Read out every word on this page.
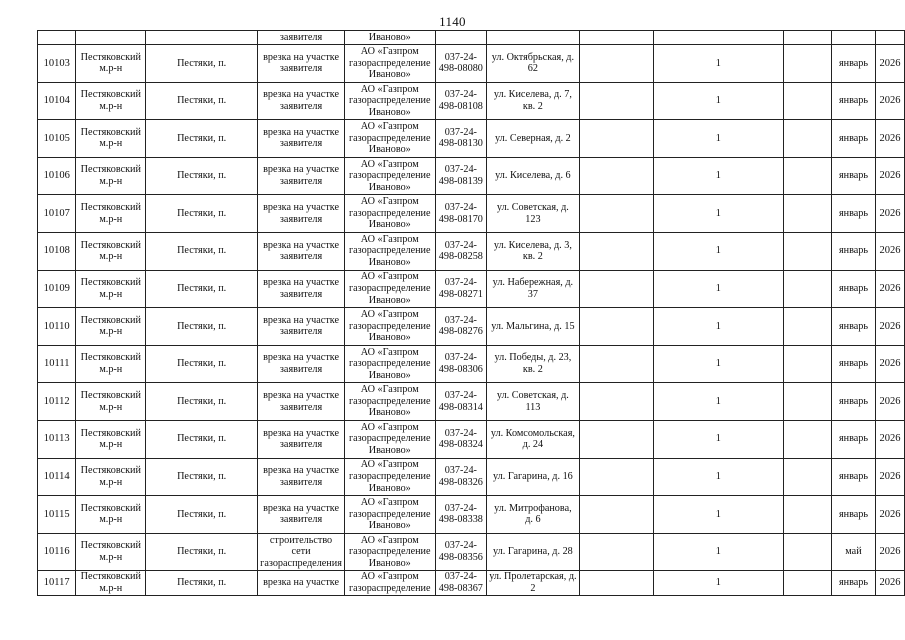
1140
			заявителя	Иваново»							
10103	Пестяковский м.р-н	Пестяки, п.	врезка на участке заявителя	АО «Газпром газораспределение Иваново»	037-24-498-08080	ул. Октябрьская, д. 62		1		январь	2026
10104	Пестяковский м.р-н	Пестяки, п.	врезка на участке заявителя	АО «Газпром газораспределение Иваново»	037-24-498-08108	ул. Киселева, д. 7, кв. 2		1		январь	2026
10105	Пестяковский м.р-н	Пестяки, п.	врезка на участке заявителя	АО «Газпром газораспределение Иваново»	037-24-498-08130	ул. Северная, д. 2		1		январь	2026
10106	Пестяковский м.р-н	Пестяки, п.	врезка на участке заявителя	АО «Газпром газораспределение Иваново»	037-24-498-08139	ул. Киселева, д. 6		1		январь	2026
10107	Пестяковский м.р-н	Пестяки, п.	врезка на участке заявителя	АО «Газпром газораспределение Иваново»	037-24-498-08170	ул. Советская, д. 123		1		январь	2026
10108	Пестяковский м.р-н	Пестяки, п.	врезка на участке заявителя	АО «Газпром газораспределение Иваново»	037-24-498-08258	ул. Киселева, д. 3, кв. 2		1		январь	2026
10109	Пестяковский м.р-н	Пестяки, п.	врезка на участке заявителя	АО «Газпром газораспределение Иваново»	037-24-498-08271	ул. Набережная, д. 37		1		январь	2026
10110	Пестяковский м.р-н	Пестяки, п.	врезка на участке заявителя	АО «Газпром газораспределение Иваново»	037-24-498-08276	ул. Мальгина, д. 15		1		январь	2026
10111	Пестяковский м.р-н	Пестяки, п.	врезка на участке заявителя	АО «Газпром газораспределение Иваново»	037-24-498-08306	ул. Победы, д. 23, кв. 2		1		январь	2026
10112	Пестяковский м.р-н	Пестяки, п.	врезка на участке заявителя	АО «Газпром газораспределение Иваново»	037-24-498-08314	ул. Советская, д. 113		1		январь	2026
10113	Пестяковский м.р-н	Пестяки, п.	врезка на участке заявителя	АО «Газпром газораспределение Иваново»	037-24-498-08324	ул. Комсомольская, д. 24		1		январь	2026
10114	Пестяковский м.р-н	Пестяки, п.	врезка на участке заявителя	АО «Газпром газораспределение Иваново»	037-24-498-08326	ул. Гагарина, д. 16		1		январь	2026
10115	Пестяковский м.р-н	Пестяки, п.	врезка на участке заявителя	АО «Газпром газораспределение Иваново»	037-24-498-08338	ул. Митрофанова, д. 6		1		январь	2026
10116	Пестяковский м.р-н	Пестяки, п.	строительство сети газораспределения	АО «Газпром газораспределение Иваново»	037-24-498-08356	ул. Гагарина, д. 28		1		май	2026
10117	Пестяковский м.р-н	Пестяки, п.	врезка на участке	АО «Газпром газораспределение	037-24-498-08367	ул. Пролетарская, д. 2		1		январь	2026
